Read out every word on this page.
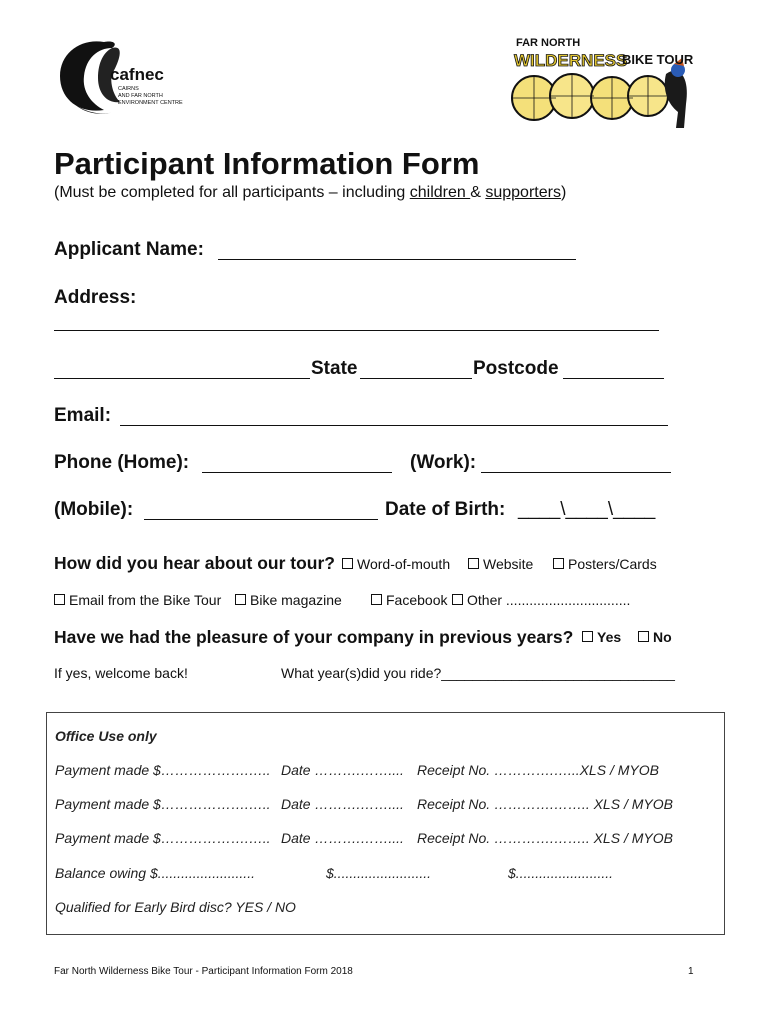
cafnec
CAIRNS
AND FAR NORTH
ENVIRONMENT CENTRE
FAR NORTH
WILDERNESS
BIKE TOUR
Participant Information Form
(Must be completed for all participants – including children & supporters)
Applicant Name:
Address:
State	Postcode
Email:
Phone (Home):	(Work):
(Mobile):	Date of Birth: ____\____\____
How did you hear about our tour?	Word-of-mouth	Website	Posters/Cards
Email from the Bike Tour	Bike magazine	Facebook	Other ................................
Have we had the pleasure of your company in previous years?	Yes	No
If yes, welcome back!	What year(s)did you ride?______________________________
Office Use only
Payment made $……………….….. Date ……….…….... Receipt No. ………….…...XLS / MYOB
Payment made $……………….….. Date ……….…….... Receipt No. ………….…….. XLS / MYOB
Payment made $……………….….. Date ……….…….... Receipt No. ………….…….. XLS / MYOB
Balance owing $.........................	$.........................	$.........................
Qualified for Early Bird disc? YES / NO
Far North Wilderness Bike Tour - Participant Information Form 2018	1
